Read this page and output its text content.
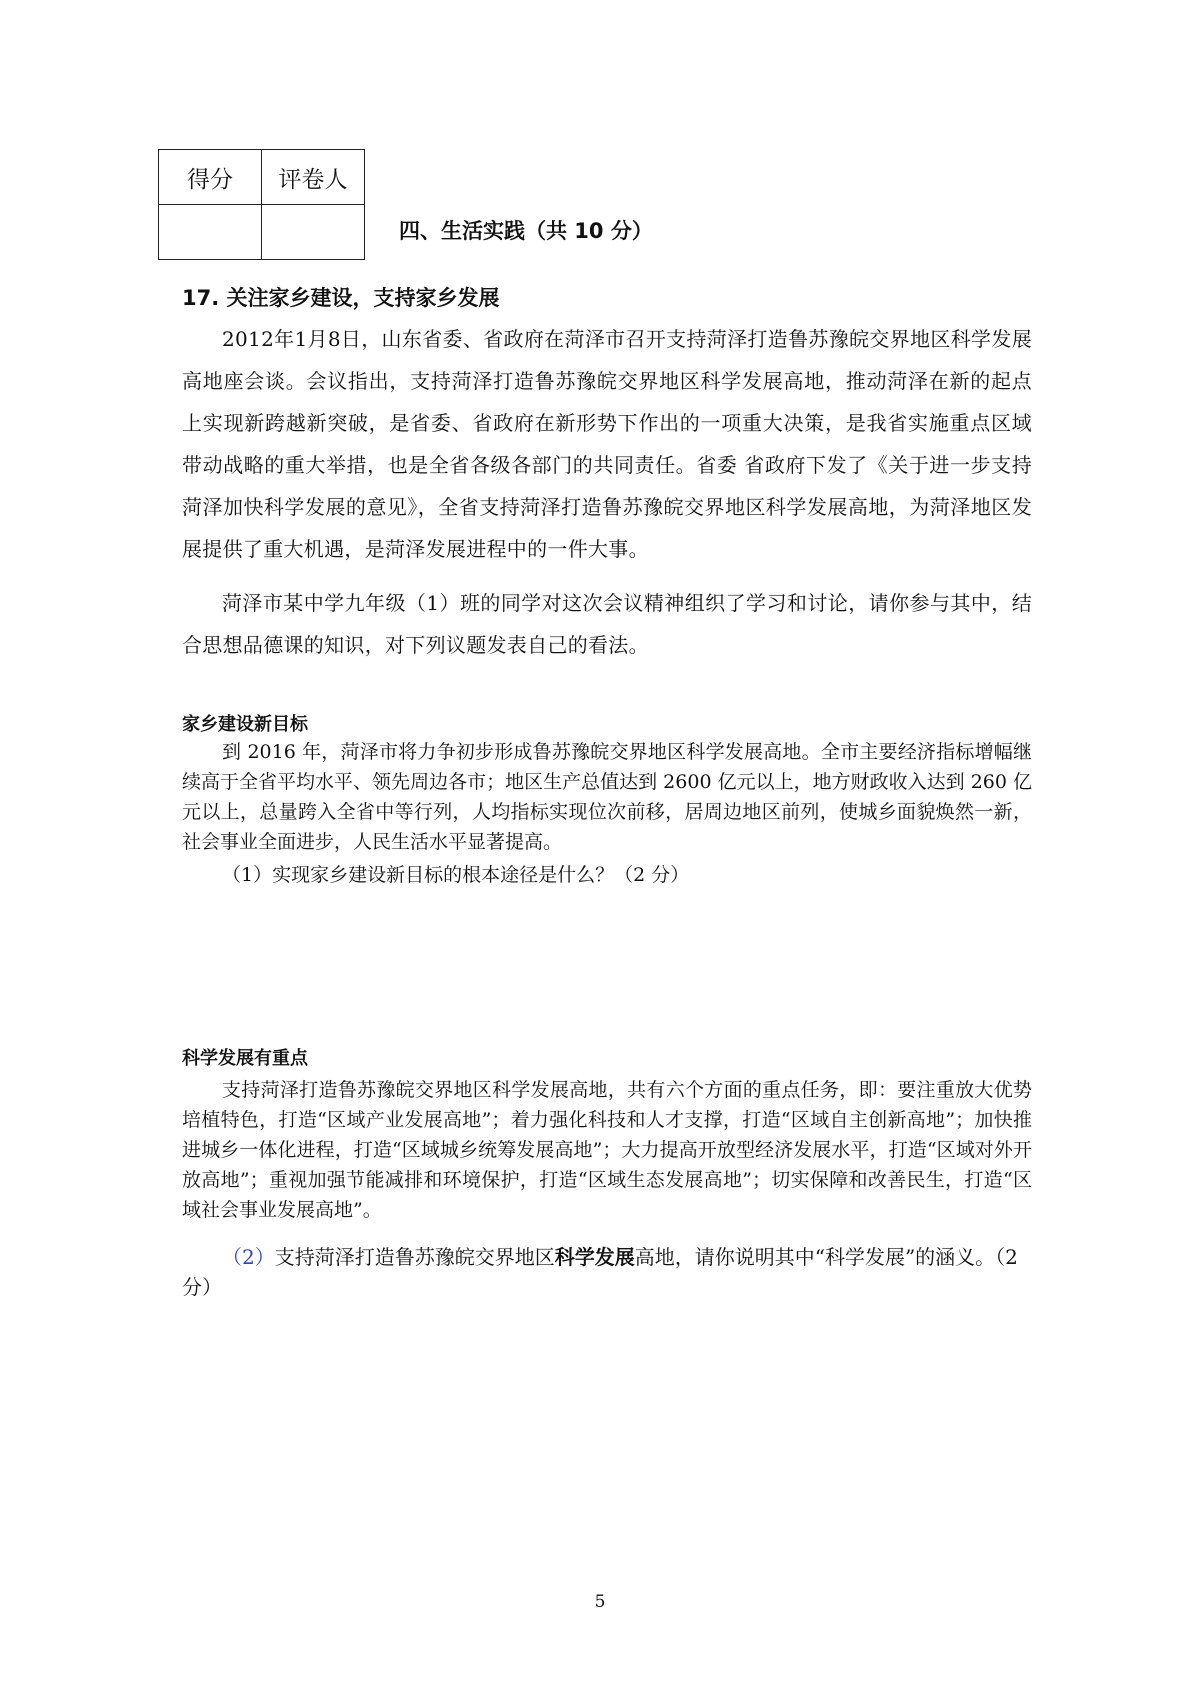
得分	评卷人

四、生活实践（共 10 分）
17. 关注家乡建设，支持家乡发展

2012年1月8日，山东省委、省政府在菏泽市召开支持菏泽打造鲁苏豫皖交界地区科学发展高地座会谈。会议指出，支持菏泽打造鲁苏豫皖交界地区科学发展高地，推动菏泽在新的起点上实现新跨越新突破，是省委、省政府在新形势下作出的一项重大决策，是我省实施重点区域带动战略的重大举措，也是全省各级各部门的共同责任。省委 省政府下发了《关于进一步支持菏泽加快科学发展的意见》，全省支持菏泽打造鲁苏豫皖交界地区科学发展高地，为菏泽地区发展提供了重大机遇，是菏泽发展进程中的一件大事。

菏泽市某中学九年级（1）班的同学对这次会议精神组织了学习和讨论，请你参与其中，结合思想品德课的知识，对下列议题发表自己的看法。

家乡建设新目标

到 2016 年，菏泽市将力争初步形成鲁苏豫皖交界地区科学发展高地。全市主要经济指标增幅继续高于全省平均水平、领先周边各市；地区生产总值达到 2600 亿元以上，地方财政收入达到 260 亿元以上，总量跨入全省中等行列，人均指标实现位次前移，居周边地区前列，使城乡面貌焕然一新，社会事业全面进步，人民生活水平显著提高。

（1）实现家乡建设新目标的根本途径是什么？（2 分）
科学发展有重点

支持菏泽打造鲁苏豫皖交界地区科学发展高地，共有六个方面的重点任务，即：要注重放大优势培植特色，打造“区域产业发展高地”；着力强化科技和人才支撑，打造“区域自主创新高地”；加快推进城乡一体化进程，打造“区域城乡统筹发展高地”；大力提高开放型经济发展水平，打造“区域对外开放高地”；重视加强节能减排和环境保护，打造“区域生态发展高地”；切实保障和改善民生，打造“区域社会事业发展高地”。

（2）支持菏泽打造鲁苏豫皖交界地区科学发展高地，请你说明其中“科学发展”的涵义。（2 分）

5
